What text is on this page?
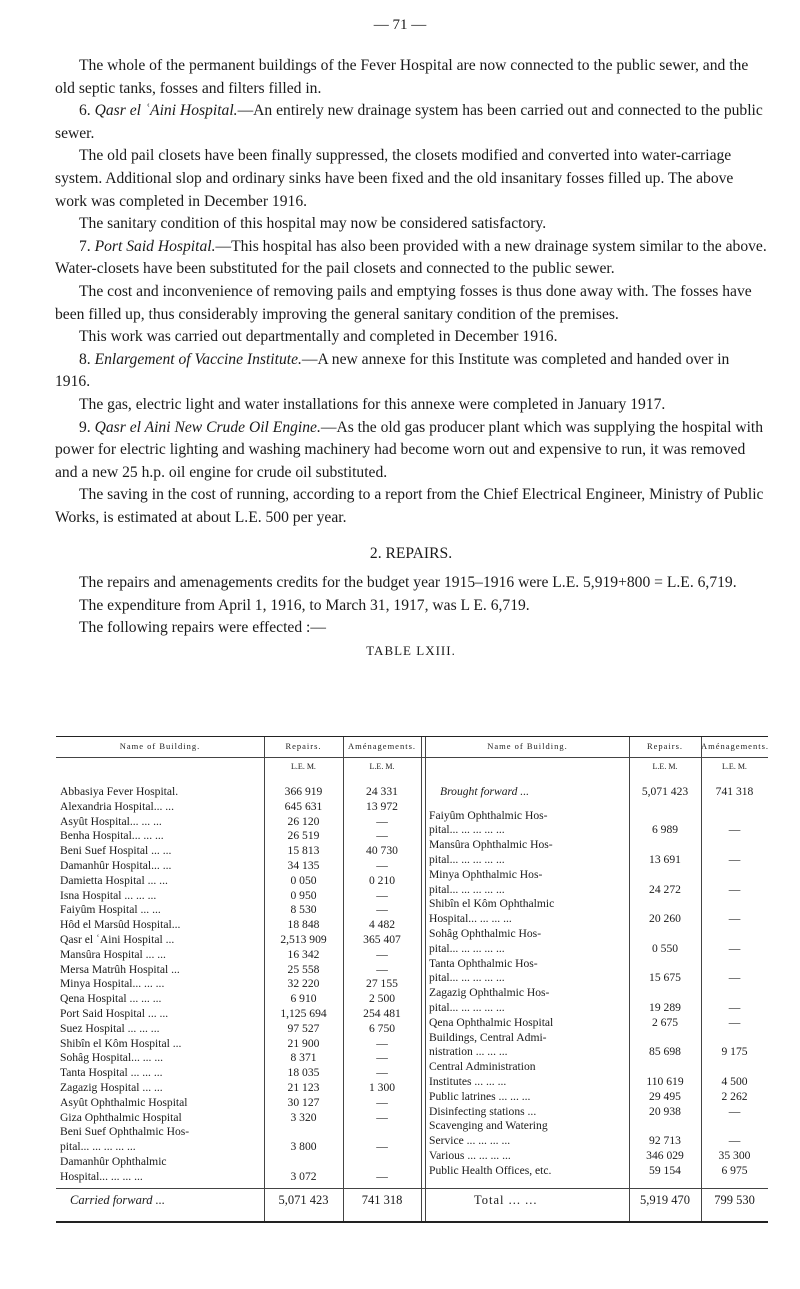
— 71 —

The whole of the permanent buildings of the Fever Hospital are now connected to the public sewer, and the old septic tanks, fosses and filters filled in.

6. Qasr el ʿAini Hospital.—An entirely new drainage system has been carried out and connected to the public sewer.

The old pail closets have been finally suppressed, the closets modified and converted into water-carriage system. Additional slop and ordinary sinks have been fixed and the old insanitary fosses filled up. The above work was completed in December 1916.

The sanitary condition of this hospital may now be considered satisfactory.

7. Port Said Hospital.—This hospital has also been provided with a new drainage system similar to the above. Water-closets have been substituted for the pail closets and connected to the public sewer.

The cost and inconvenience of removing pails and emptying fosses is thus done away with. The fosses have been filled up, thus considerably improving the general sanitary condition of the premises.

This work was carried out departmentally and completed in December 1916.

8. Enlargement of Vaccine Institute.—A new annexe for this Institute was completed and handed over in 1916.

The gas, electric light and water installations for this annexe were completed in January 1917.

9. Qasr el Aini New Crude Oil Engine.—As the old gas producer plant which was supplying the hospital with power for electric lighting and washing machinery had become worn out and expensive to run, it was removed and a new 25 h.p. oil engine for crude oil substituted.

The saving in the cost of running, according to a report from the Chief Electrical Engineer, Ministry of Public Works, is estimated at about L.E. 500 per year.

2. REPAIRS.

The repairs and amenagements credits for the budget year 1915–1916 were L.E. 5,919+800 = L.E. 6,719.

The expenditure from April 1, 1916, to March 31, 1917, was L E. 6,719.

The following repairs were effected :—

TABLE LXIII.
Name of Building.	Repairs.	Aménagements.	Name of Building.	Repairs.	Aménagements.
L.E. M.	L.E. M.	L.E. M.	L.E. M.
Abbasiya Fever Hospital.	366 919	24 331
Alexandria Hospital... ...	645 631	13 972
Asyût Hospital... ... ...	26 120	—
Benha Hospital... ... ...	26 519	—
Beni Suef Hospital ... ...	15 813	40 730
Damanhûr Hospital... ...	34 135	—
Damietta Hospital ... ...	0 050	0 210
Isna Hospital ... ... ...	0 950	—
Faiyûm Hospital ... ...	8 530	—
Hôd el Marsûd Hospital...	18 848	4 482
Qasr el ʿAini Hospital ...	2,513 909	365 407
Mansûra Hospital ... ...	16 342	—
Mersa Matrûh Hospital ...	25 558	—
Minya Hospital... ... ...	32 220	27 155
Qena Hospital ... ... ...	6 910	2 500
Port Said Hospital ... ...	1,125 694	254 481
Suez Hospital ... ... ...	97 527	6 750
Shibîn el Kôm Hospital ...	21 900	—
Sohâg Hospital... ... ...	8 371	—
Tanta Hospital ... ... ...	18 035	—
Zagazig Hospital ... ...	21 123	1 300
Asyût Ophthalmic Hospital	30 127	—
Giza Ophthalmic Hospital	3 320	—
Beni Suef Ophthalmic Hos-
pital... ... ... ... ...	3 800	—
Damanhûr Ophthalmic
Hospital... ... ... ...	3 072	—
Brought forward ...	5,071 423	741 318
Faiyûm Ophthalmic Hos-
pital... ... ... ... ...	6 989	—
Mansûra Ophthalmic Hos-
pital... ... ... ... ...	13 691	—
Minya Ophthalmic Hos-
pital... ... ... ... ...	24 272	—
Shibîn el Kôm Ophthalmic
Hospital... ... ... ...	20 260	—
Sohâg Ophthalmic Hos-
pital... ... ... ... ...	0 550	—
Tanta Ophthalmic Hos-
pital... ... ... ... ...	15 675	—
Zagazig Ophthalmic Hos-
pital... ... ... ... ...	19 289	—
Qena Ophthalmic Hospital	2 675	—
Buildings, Central Admi-
nistration ... ... ...	85 698	9 175
Central Administration
Institutes ... ... ...	110 619	4 500
Public latrines ... ... ...	29 495	2 262
Disinfecting stations ...	20 938	—
Scavenging and Watering
Service ... ... ... ...	92 713	—
Various ... ... ... ...	346 029	35 300
Public Health Offices, etc.	59 154	6 975
Carried forward ...	5,071 423	741 318	Total ... ...	5,919 470	799 530
